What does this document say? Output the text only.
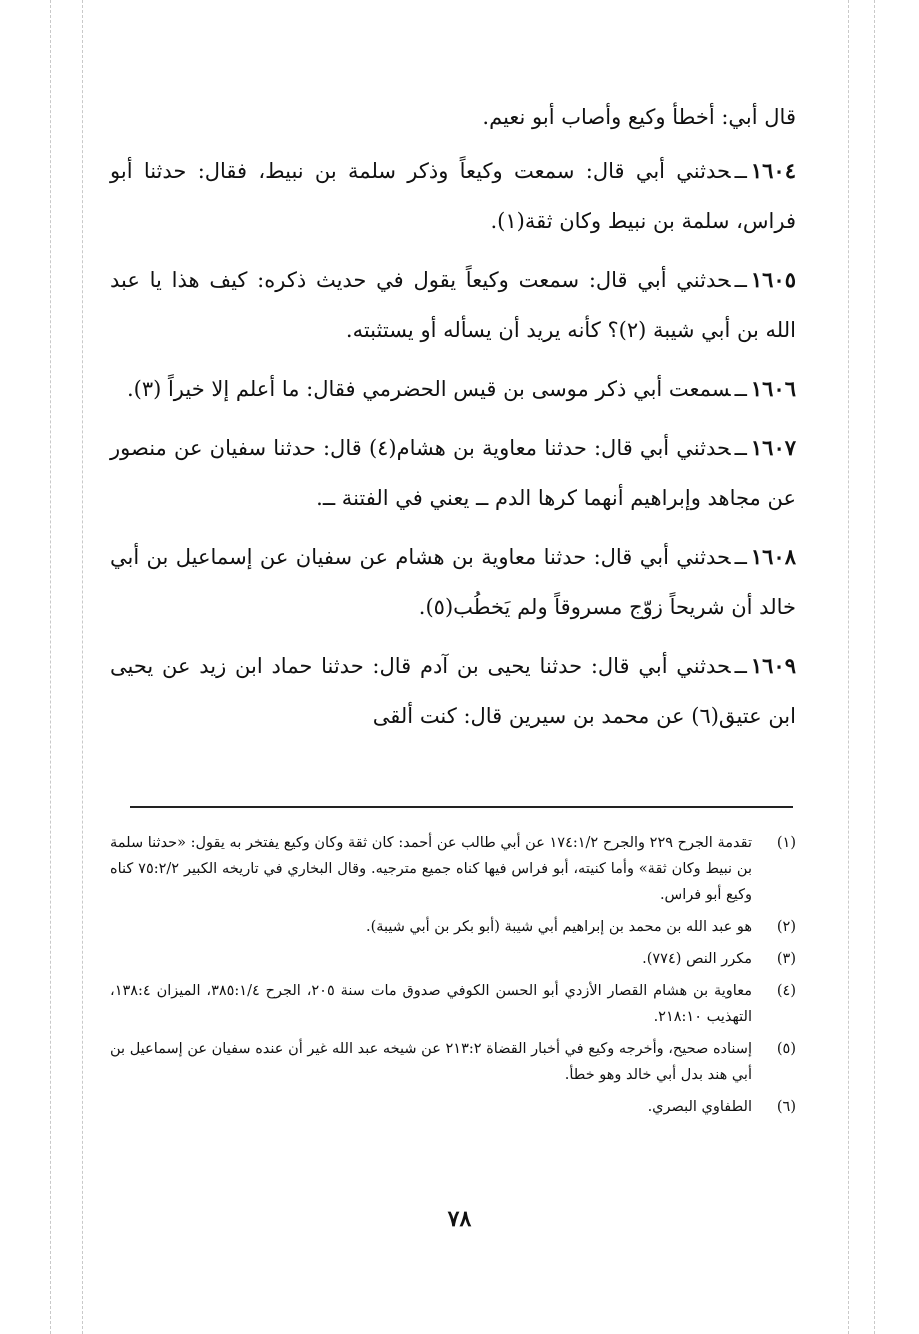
قال أبي: أخطأ وكيع وأصاب أبو نعيم.

١٦٠٤ــحدثني أبي قال: سمعت وكيعاً وذكر سلمة بن نبيط، فقال: حدثنا أبو فراس، سلمة بن نبيط وكان ثقة(١).

١٦٠٥ــحدثني أبي قال: سمعت وكيعاً يقول في حديث ذكره: كيف هذا يا عبد الله بن أبي شيبة (٢)؟ كأنه يريد أن يسأله أو يستثبته.

١٦٠٦ــسمعت أبي ذكر موسى بن قيس الحضرمي فقال: ما أعلم إلا خيراً (٣).

١٦٠٧ــحدثني أبي قال: حدثنا معاوية بن هشام(٤) قال: حدثنا سفيان عن منصور عن مجاهد وإبراهيم أنهما كرها الدم ــ يعني في الفتنة ــ.

١٦٠٨ــحدثني أبي قال: حدثنا معاوية بن هشام عن سفيان عن إسماعيل بن أبي خالد أن شريحاً زوّج مسروقاً ولم يَخطُب(٥).

١٦٠٩ــحدثني أبي قال: حدثنا يحيى بن آدم قال: حدثنا حماد ابن زيد عن يحيى ابن عتيق(٦) عن محمد بن سيرين قال: كنت ألقى

(١)
تقدمة الجرح ٢٢٩ والجرح ١٧٤:١/٢ عن أبي طالب عن أحمد: كان ثقة وكان وكيع يفتخر به يقول: «حدثنا سلمة بن نبيط وكان ثقة» وأما كنيته، أبو فراس فيها كناه جميع مترجيه. وقال البخاري في تاريخه الكبير ٧٥:٢/٢ كناه وكيع أبو فراس.
(٢)
هو عبد الله بن محمد بن إبراهيم أبي شيبة (أبو بكر بن أبي شيبة).
(٣)
مكرر النص (٧٧٤).
(٤)
معاوية بن هشام القصار الأزدي أبو الحسن الكوفي صدوق مات سنة ٢٠٥، الجرح ٣٨٥:١/٤، الميزان ١٣٨:٤، التهذيب ٢١٨:١٠.
(٥)
إسناده صحيح، وأخرجه وكيع في أخبار القضاة ٢١٣:٢ عن شيخه عبد الله غير أن عنده سفيان عن إسماعيل بن أبي هند بدل أبي خالد وهو خطأ.
(٦)
الطفاوي البصري.
٧٨
